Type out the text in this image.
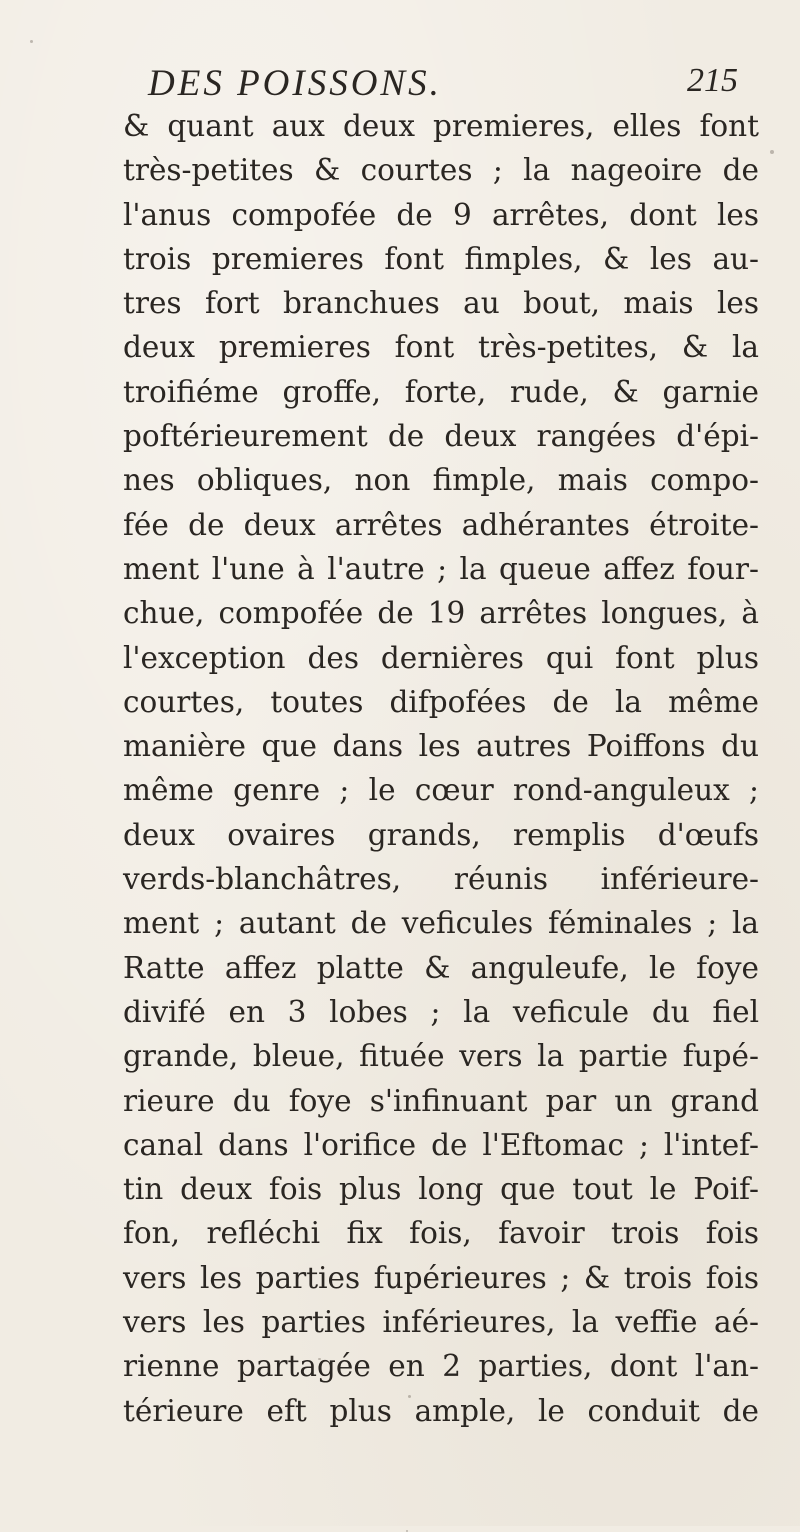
DES POISSONS.	215
& quant aux deux premieres, elles font
très-petites & courtes ; la nageoire de
l'anus compofée de 9 arrêtes, dont les
trois premieres font fimples, & les au-
tres fort branchues au bout, mais les
deux premieres font très-petites, & la
troifiéme groffe, forte, rude, & garnie
poftérieurement de deux rangées d'épi-
nes obliques, non fimple, mais compo-
fée de deux arrêtes adhérantes étroite-
ment l'une à l'autre ; la queue affez four-
chue, compofée de 19 arrêtes longues, à
l'exception des dernières qui font plus
courtes, toutes difpofées de la même
manière que dans les autres Poiffons du
même genre ; le cœur rond-anguleux ;
deux ovaires grands, remplis d'œufs
verds-blanchâtres, réunis inférieure-
ment ; autant de veficules féminales ; la
Ratte affez platte & anguleufe, le foye
divifé en 3 lobes ; la veficule du fiel
grande, bleue, fituée vers la partie fupé-
rieure du foye s'infinuant par un grand
canal dans l'orifice de l'Eftomac ; l'intef-
tin deux fois plus long que tout le Poif-
fon, refléchi fix fois, favoir trois fois
vers les parties fupérieures ; & trois fois
vers les parties inférieures, la veffie aé-
rienne partagée en 2 parties, dont l'an-
térieure eft plus ample, le conduit de
